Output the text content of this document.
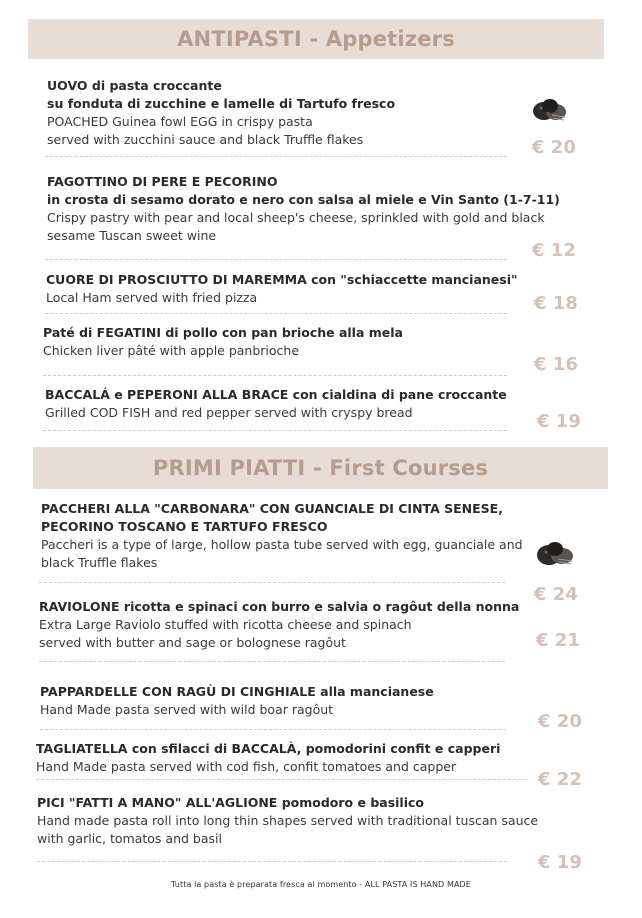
ANTIPASTI - Appetizers
UOVO di pasta croccante
su fonduta di zucchine e lamelle di Tartufo fresco
POACHED Guinea fowl EGG in crispy pasta
served with zucchini sauce and black Truffle flakes	€ 20
FAGOTTINO DI PERE E PECORINO
in crosta di sesamo dorato e nero con salsa al miele e Vin Santo (1-7-11)
Crispy pastry with pear and local sheep's cheese, sprinkled with gold and black
sesame Tuscan sweet wine
€ 12
CUORE DI PROSCIUTTO DI MAREMMA con "schiaccette mancianesi"
Local Ham served with fried pizza	€ 18
Paté di FEGATINI di pollo con pan brioche alla mela
Chicken liver pâté with apple panbrioche
€ 16
BACCALÁ e PEPERONI ALLA BRACE con cialdina di pane croccante
Grilled COD FISH and red pepper served with cryspy bread	€ 19
PRIMI PIATTI - First Courses
PACCHERI ALLA "CARBONARA" CON GUANCIALE DI CINTA SENESE,
PECORINO TOSCANO E TARTUFO FRESCO
Paccheri is a type of large, hollow pasta tube served with egg, guanciale and
black Truffle flakes
€ 24
RAVIOLONE ricotta e spinaci con burro e salvia o ragôut della nonna
Extra Large Raviolo stuffed with ricotta cheese and spinach
served with butter and sage or bolognese ragôut	€ 21
PAPPARDELLE CON RAGÙ DI CINGHIALE alla mancianese
Hand Made pasta served with wild boar ragôut
€ 20
TAGLIATELLA con sfilacci di BACCALÀ, pomodorini confit e capperi
Hand Made pasta served with cod fish, confit tomatoes and capper
€ 22
PICI "FATTI A MANO" ALL'AGLIONE pomodoro e basilico
Hand made pasta roll into long thin shapes served with traditional tuscan sauce
with garlic, tomatos and basil
€ 19
Tutta la pasta è preparata fresca al momento - ALL PASTA IS HAND MADE
